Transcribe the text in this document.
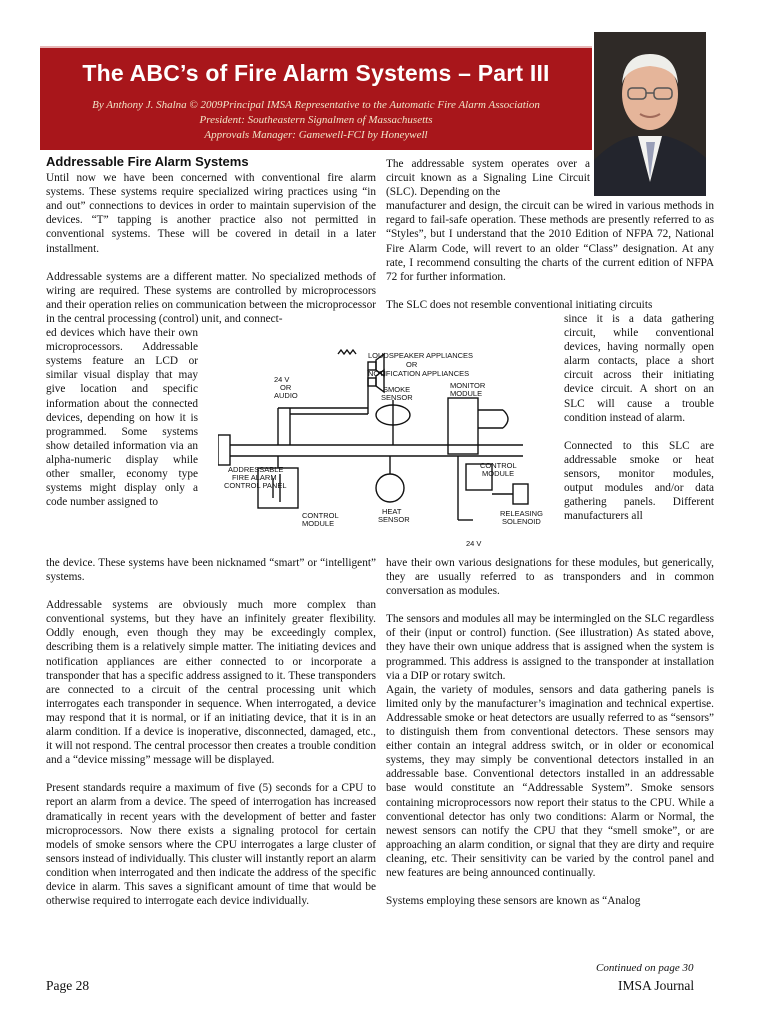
The ABC’s of Fire Alarm Systems – Part III
By Anthony J. Shalna © 2009Principal IMSA Representative to the Automatic Fire Alarm Association
President: Southeastern Signalmen of Massachusetts
Approvals Manager: Gamewell-FCI by Honeywell
Addressable Fire Alarm Systems

Until now we have been concerned with conventional fire alarm systems. These systems require specialized wiring practices using “in and out” connections to devices in order to maintain supervision of the devices. “T” tapping is another practice also not permitted in conventional systems. These will be covered in detail in a later installment.

Addressable systems are a different matter. No specialized methods of wiring are required. These systems are controlled by microprocessors and their operation relies on communication between the microprocessor in the central processing (control) unit, and connect-

ed devices which have their own microprocessors. Addressable systems feature an LCD or similar visual display that may give location and specific information about the connected devices, depending on how it is programmed. Some systems show detailed information via an alpha-numeric display while other smaller, economy type systems might display only a code number assigned to

the device. These systems have been nicknamed “smart” or “intelligent” systems.

Addressable systems are obviously much more complex than conventional systems, but they have an infinitely greater flexibility. Oddly enough, even though they may be exceedingly complex, describing them is a relatively simple matter. The initiating devices and notification appliances are either connected to or incorporate a transponder that has a specific address assigned to it. These transponders are connected to a circuit of the central processing unit which interrogates each transponder in sequence. When interrogated, a device may respond that it is normal, or if an initiating device, that it is in an alarm condition. If a device is inoperative, disconnected, damaged, etc., it will not respond. The central processor then creates a trouble condition and a “device missing” message will be displayed.

Present standards require a maximum of five (5) seconds for a CPU to report an alarm from a device. The speed of interrogation has increased dramatically in recent years with the development of better and faster microprocessors. Now there exists a signaling protocol for certain models of smoke sensors where the CPU interrogates a large cluster of sensors instead of individually. This cluster will instantly report an alarm condition when interrogated and then indicate the address of the specific device in alarm. This saves a significant amount of time that would be otherwise required to interrogate each device individually.

The addressable system operates over a circuit known as a Signaling Line Circuit (SLC). Depending on the

manufacturer and design, the circuit can be wired in various methods in regard to fail-safe operation. These methods are presently referred to as “Styles”, but I understand that the 2010 Edition of NFPA 72, National Fire Alarm Code, will revert to an older “Class” designation. At any rate, I recommend consulting the charts of the current edition of NFPA 72 for further information.

The SLC does not resemble conventional initiating circuits

since it is a data gathering circuit, while conventional devices, having normally open alarm contacts, place a short circuit across their initiating device circuit. A short on an SLC will cause a trouble condition instead of alarm.

Connected to this SLC are addressable smoke or heat sensors, monitor modules, output modules and/or data gathering panels. Different manufacturers all

have their own various designations for these modules, but generically, they are usually referred to as transponders and in common conversation as modules.

The sensors and modules all may be intermingled on the SLC regardless of their (input or control) function. (See illustration) As stated above, they have their own unique address that is assigned when the system is programmed. This address is assigned to the transponder at installation via a DIP or rotary switch.

Again, the variety of modules, sensors and data gathering panels is limited only by the manufacturer’s imagination and technical expertise. Addressable smoke or heat detectors are usually referred to as “sensors” to distinguish them from conventional detectors. These sensors may either contain an integral address switch, or in older or economical systems, they may simply be conventional detectors installed in an addressable base. Conventional detectors installed in an addressable base would constitute an “Addressable System”. Smoke sensors containing microprocessors now report their status to the CPU. While a conventional detector has only two conditions: Alarm or Normal, the newest sensors can notify the CPU that they “smell smoke”, or are approaching an alarm condition, or signal that they are dirty and require cleaning, etc. Their sensitivity can be varied by the control panel and new features are being announced continually.

Systems employing these sensors are known as “Analog

LOUDSPEAKER APPLIANCES
OR
NOTIFICATION APPLIANCES
24 V
OR
AUDIO
SMOKE
SENSOR
MONITOR
MODULE
ADDRESSABLE
FIRE ALARM
CONTROL PANEL
CONTROL
MODULE
CONTROL
MODULE
HEAT
SENSOR
RELEASING
SOLENOID
24 V
Continued on page 30
Page 28	IMSA Journal
